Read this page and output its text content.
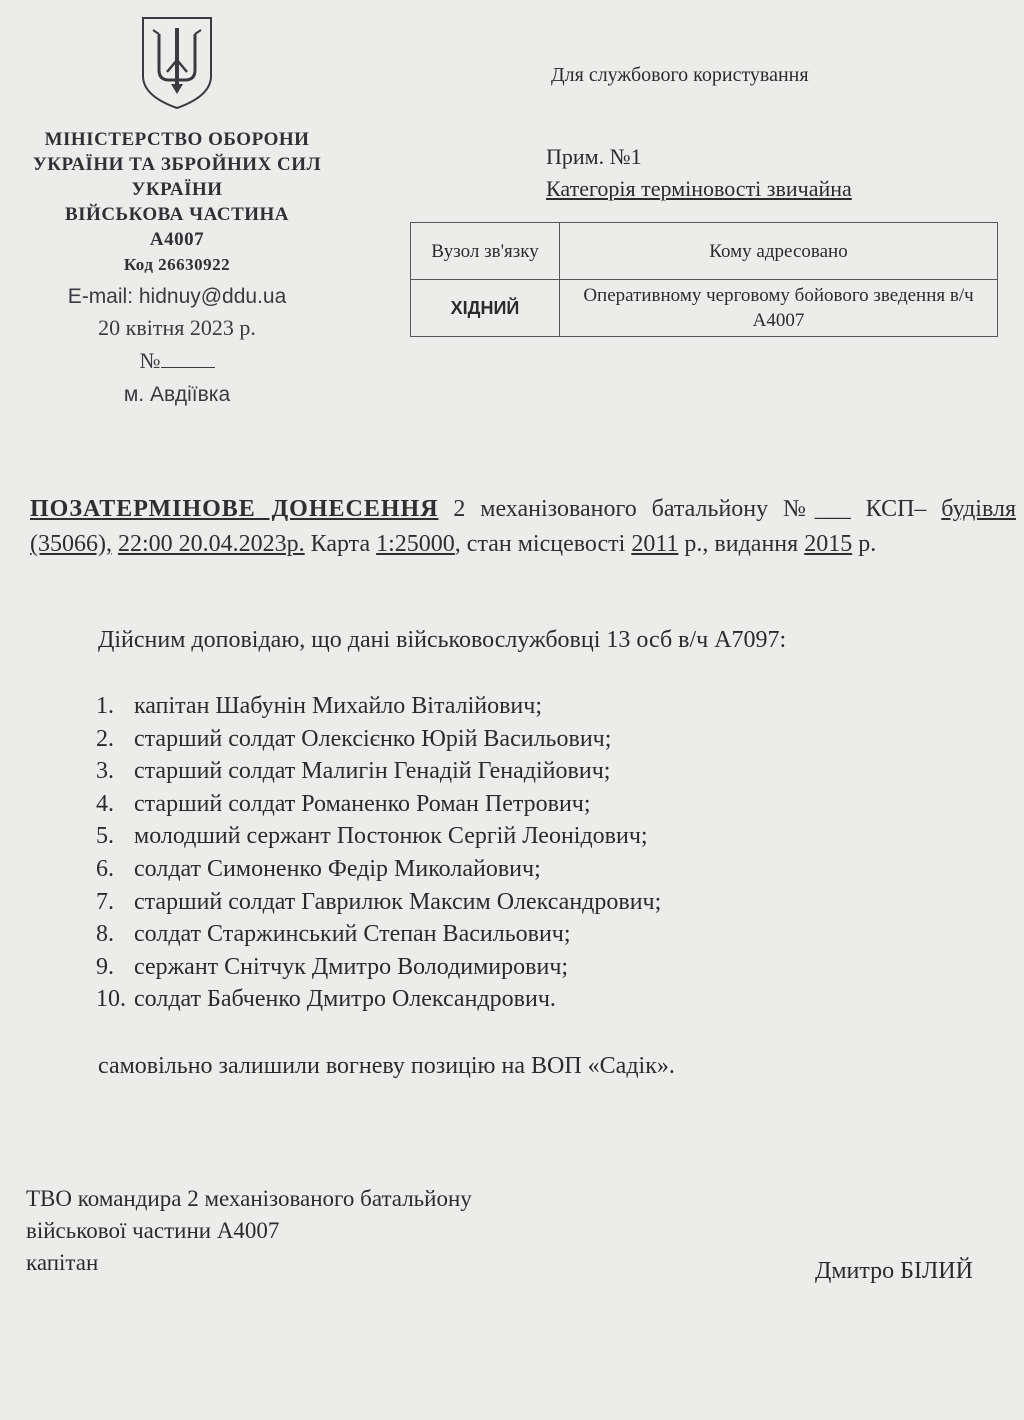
МІНІСТЕРСТВО ОБОРОНИ
УКРАЇНИ ТА ЗБРОЙНИХ СИЛ
УКРАЇНИ
ВІЙСЬКОВА ЧАСТИНА
А4007
Код 26630922
E-mail: hidnuy@ddu.ua
20 квітня 2023 р.
№
м. Авдіївка
Для службового користування
Прим. №1
Категорія терміновості звичайна
Вузол зв'язку	Кому адресовано
ХІДНИЙ	Оперативному черговому бойового зведення в/ч А4007
ПОЗАТЕРМІНОВЕ ДОНЕСЕННЯ 2 механізованого батальйону №___ КСП– будівля (35066), 22:00 20.04.2023р. Карта 1:25000, стан місцевості 2011 р., видання 2015 р.
Дійсним доповідаю, що дані військовослужбовці 13 осб в/ч А7097:
1. капітан Шабунін Михайло Віталійович;
2. старший солдат Олексієнко Юрій Васильович;
3. старший солдат Малигін Генадій Генадійович;
4. старший солдат Романенко Роман Петрович;
5. молодший сержант Постонюк Сергій Леонідович;
6. солдат Симоненко Федір Миколайович;
7. старший солдат Гаврилюк Максим Олександрович;
8. солдат Старжинський Степан Васильович;
9. сержант Снітчук Дмитро Володимирович;
10. солдат Бабченко Дмитро Олександрович.
самовільно залишили вогневу позицію на ВОП «Садік».
ТВО командира 2 механізованого батальйону
військової частини А4007
капітан	Дмитро БІЛИЙ
